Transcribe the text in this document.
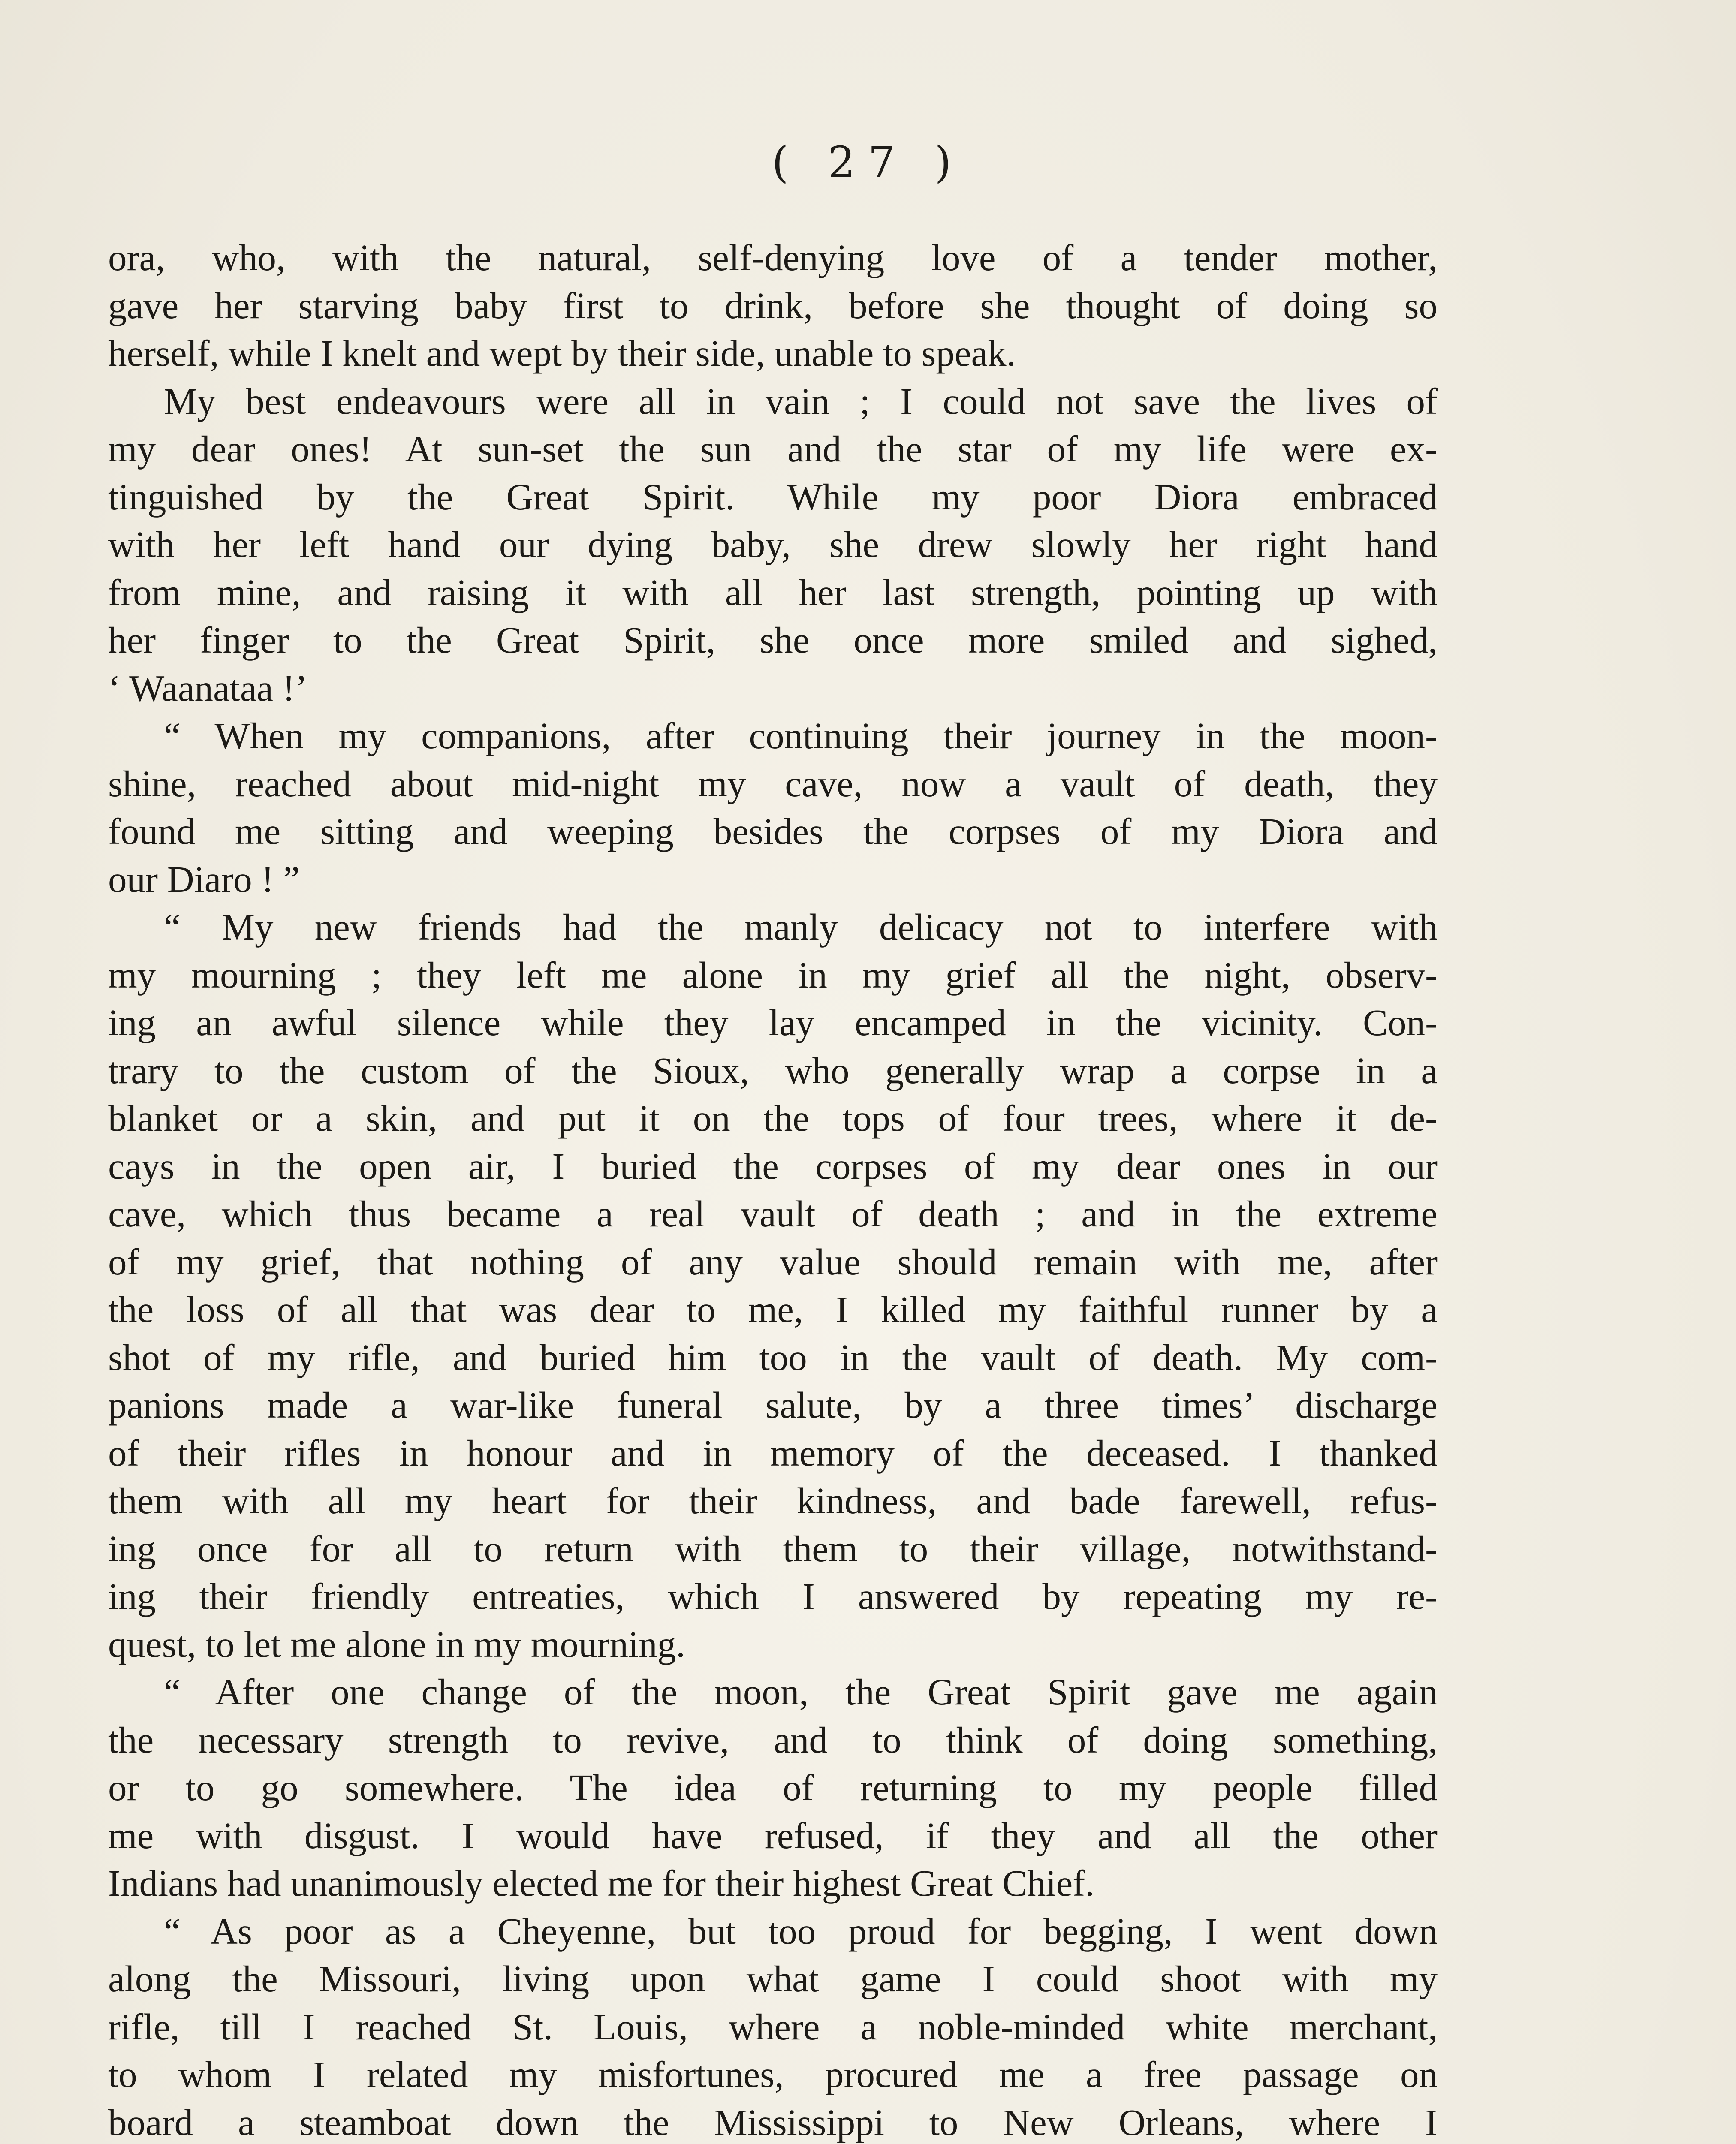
( 27 )

ora, who, with the natural, self-denying love of a tender mother,
gave her starving baby first to drink, before she thought of doing so
herself, while I knelt and wept by their side, unable to speak.

My best endeavours were all in vain ; I could not save the lives of
my dear ones! At sun-set the sun and the star of my life were ex-
tinguished by the Great Spirit. While my poor Diora embraced
with her left hand our dying baby, she drew slowly her right hand
from mine, and raising it with all her last strength, pointing up with
her finger to the Great Spirit, she once more smiled and sighed,
‘ Waanataa !’

“ When my companions, after continuing their journey in the moon-
shine, reached about mid-night my cave, now a vault of death, they
found me sitting and weeping besides the corpses of my Diora and
our Diaro ! ”

“ My new friends had the manly delicacy not to interfere with
my mourning ; they left me alone in my grief all the night, observ-
ing an awful silence while they lay encamped in the vicinity. Con-
trary to the custom of the Sioux, who generally wrap a corpse in a
blanket or a skin, and put it on the tops of four trees, where it de-
cays in the open air, I buried the corpses of my dear ones in our
cave, which thus became a real vault of death ; and in the extreme
of my grief, that nothing of any value should remain with me, after
the loss of all that was dear to me, I killed my faithful runner by a
shot of my rifle, and buried him too in the vault of death. My com-
panions made a war-like funeral salute, by a three times’ discharge
of their rifles in honour and in memory of the deceased. I thanked
them with all my heart for their kindness, and bade farewell, refus-
ing once for all to return with them to their village, notwithstand-
ing their friendly entreaties, which I answered by repeating my re-
quest, to let me alone in my mourning.

“ After one change of the moon, the Great Spirit gave me again
the necessary strength to revive, and to think of doing something,
or to go somewhere. The idea of returning to my people filled
me with disgust. I would have refused, if they and all the other
Indians had unanimously elected me for their highest Great Chief.

“ As poor as a Cheyenne, but too proud for begging, I went down
along the Missouri, living upon what game I could shoot with my
rifle, till I reached St. Louis, where a noble-minded white merchant,
to whom I related my misfortunes, procured me a free passage on
board a steamboat down the Mississippi to New Orleans, where I
